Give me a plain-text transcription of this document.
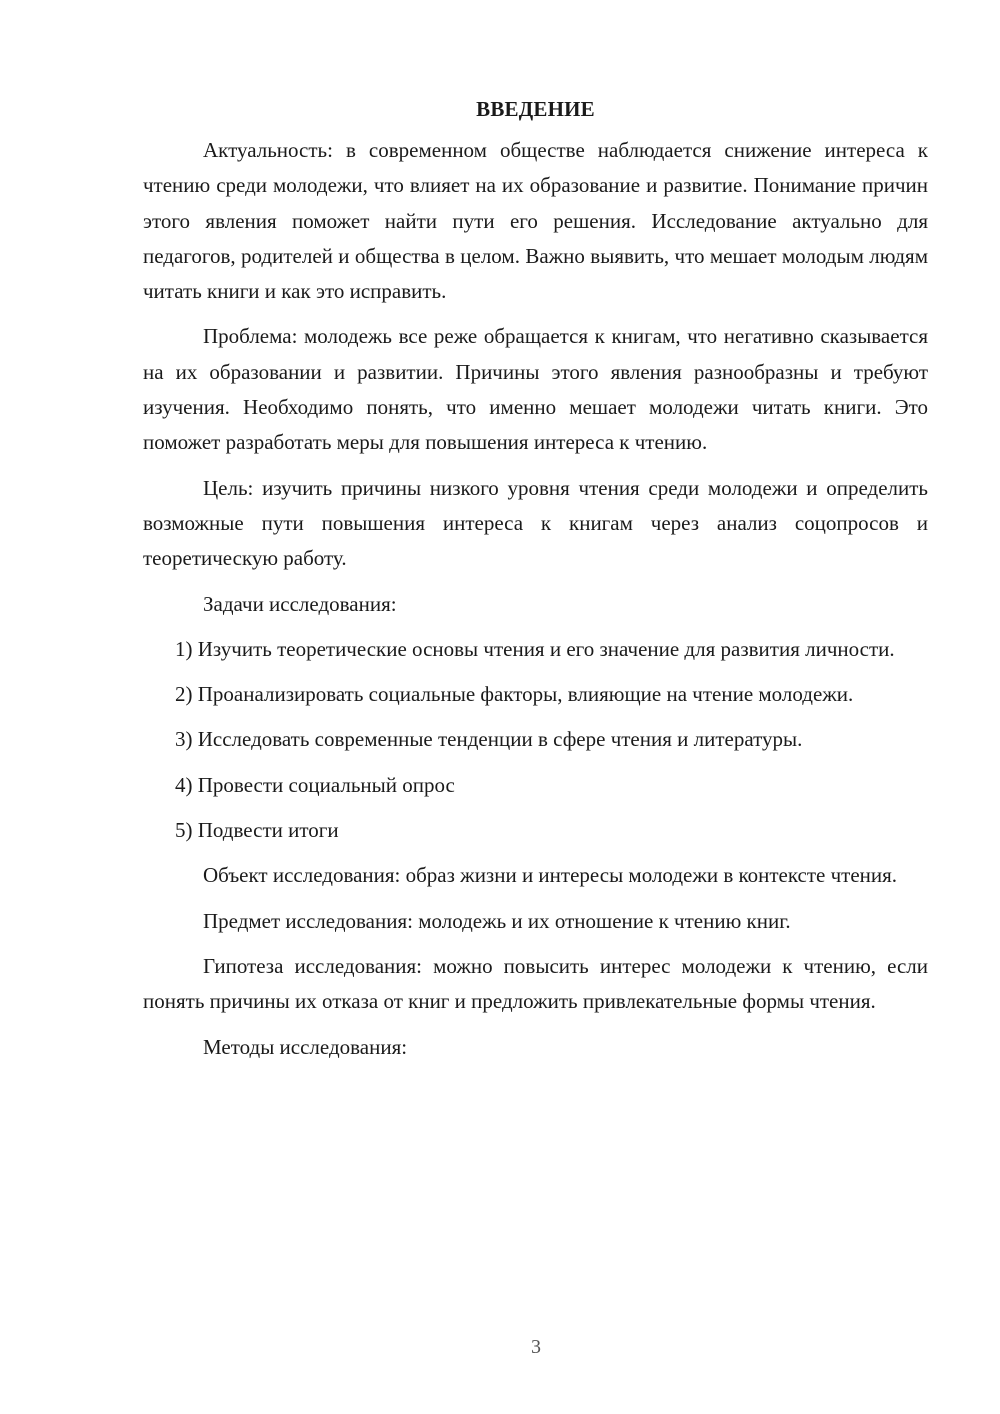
ВВЕДЕНИЕ

Актуальность: в современном обществе наблюдается снижение интереса к чтению среди молодежи, что влияет на их образование и развитие. Понимание причин этого явления поможет найти пути его решения. Исследование актуально для педагогов, родителей и общества в целом. Важно выявить, что мешает молодым людям читать книги и как это исправить.

Проблема: молодежь все реже обращается к книгам, что негативно сказывается на их образовании и развитии. Причины этого явления разнообразны и требуют изучения. Необходимо понять, что именно мешает молодежи читать книги. Это поможет разработать меры для повышения интереса к чтению.

Цель: изучить причины низкого уровня чтения среди молодежи и определить возможные пути повышения интереса к книгам через анализ соцопросов и теоретическую работу.

Задачи исследования:

1) Изучить теоретические основы чтения и его значение для развития личности.

2) Проанализировать социальные факторы, влияющие на чтение молодежи.

3) Исследовать современные тенденции в сфере чтения и литературы.

4) Провести социальный опрос

5) Подвести итоги

Объект исследования: образ жизни и интересы молодежи в контексте чтения.

Предмет исследования: молодежь и их отношение к чтению книг.

Гипотеза исследования: можно повысить интерес молодежи к чтению, если понять причины их отказа от книг и предложить привлекательные формы чтения.

Методы исследования:

3
